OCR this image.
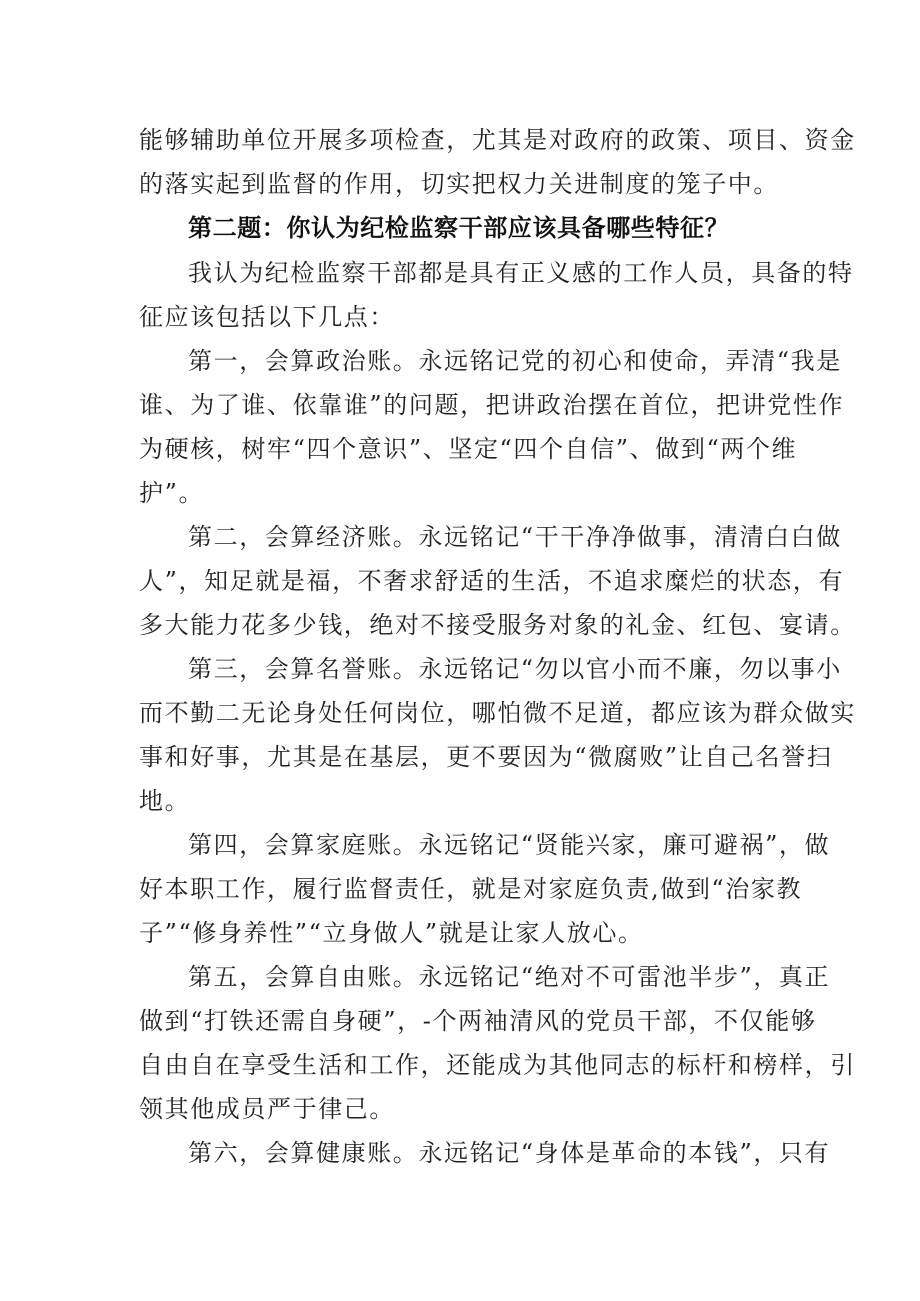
能够辅助单位开展多项检查，尤其是对政府的政策、项目、资金
的落实起到监督的作用，切实把权力关进制度的笼子中。
第二题：你认为纪检监察干部应该具备哪些特征？
我认为纪检监察干部都是具有正义感的工作人员，具备的特
征应该包括以下几点：
第一，会算政治账。永远铭记党的初心和使命，弄清“我是
谁、为了谁、依靠谁”的问题，把讲政治摆在首位，把讲党性作
为硬核，树牢“四个意识”、坚定“四个自信”、做到“两个维
护”。
第二，会算经济账。永远铭记“干干净净做事，清清白白做
人”，知足就是福，不奢求舒适的生活，不追求糜烂的状态，有
多大能力花多少钱，绝对不接受服务对象的礼金、红包、宴请。
第三，会算名誉账。永远铭记“勿以官小而不廉，勿以事小
而不勤二无论身处任何岗位，哪怕微不足道，都应该为群众做实
事和好事，尤其是在基层，更不要因为“微腐败”让自己名誉扫
地。
第四，会算家庭账。永远铭记“贤能兴家，廉可避祸”，做
好本职工作，履行监督责任，就是对家庭负责,做到“治家教
子”“修身养性”“立身做人”就是让家人放心。
第五，会算自由账。永远铭记“绝对不可雷池半步”，真正
做到“打铁还需自身硬”，-个两袖清风的党员干部，不仅能够
自由自在享受生活和工作，还能成为其他同志的标杆和榜样，引
领其他成员严于律己。
第六，会算健康账。永远铭记“身体是革命的本钱”，只有
